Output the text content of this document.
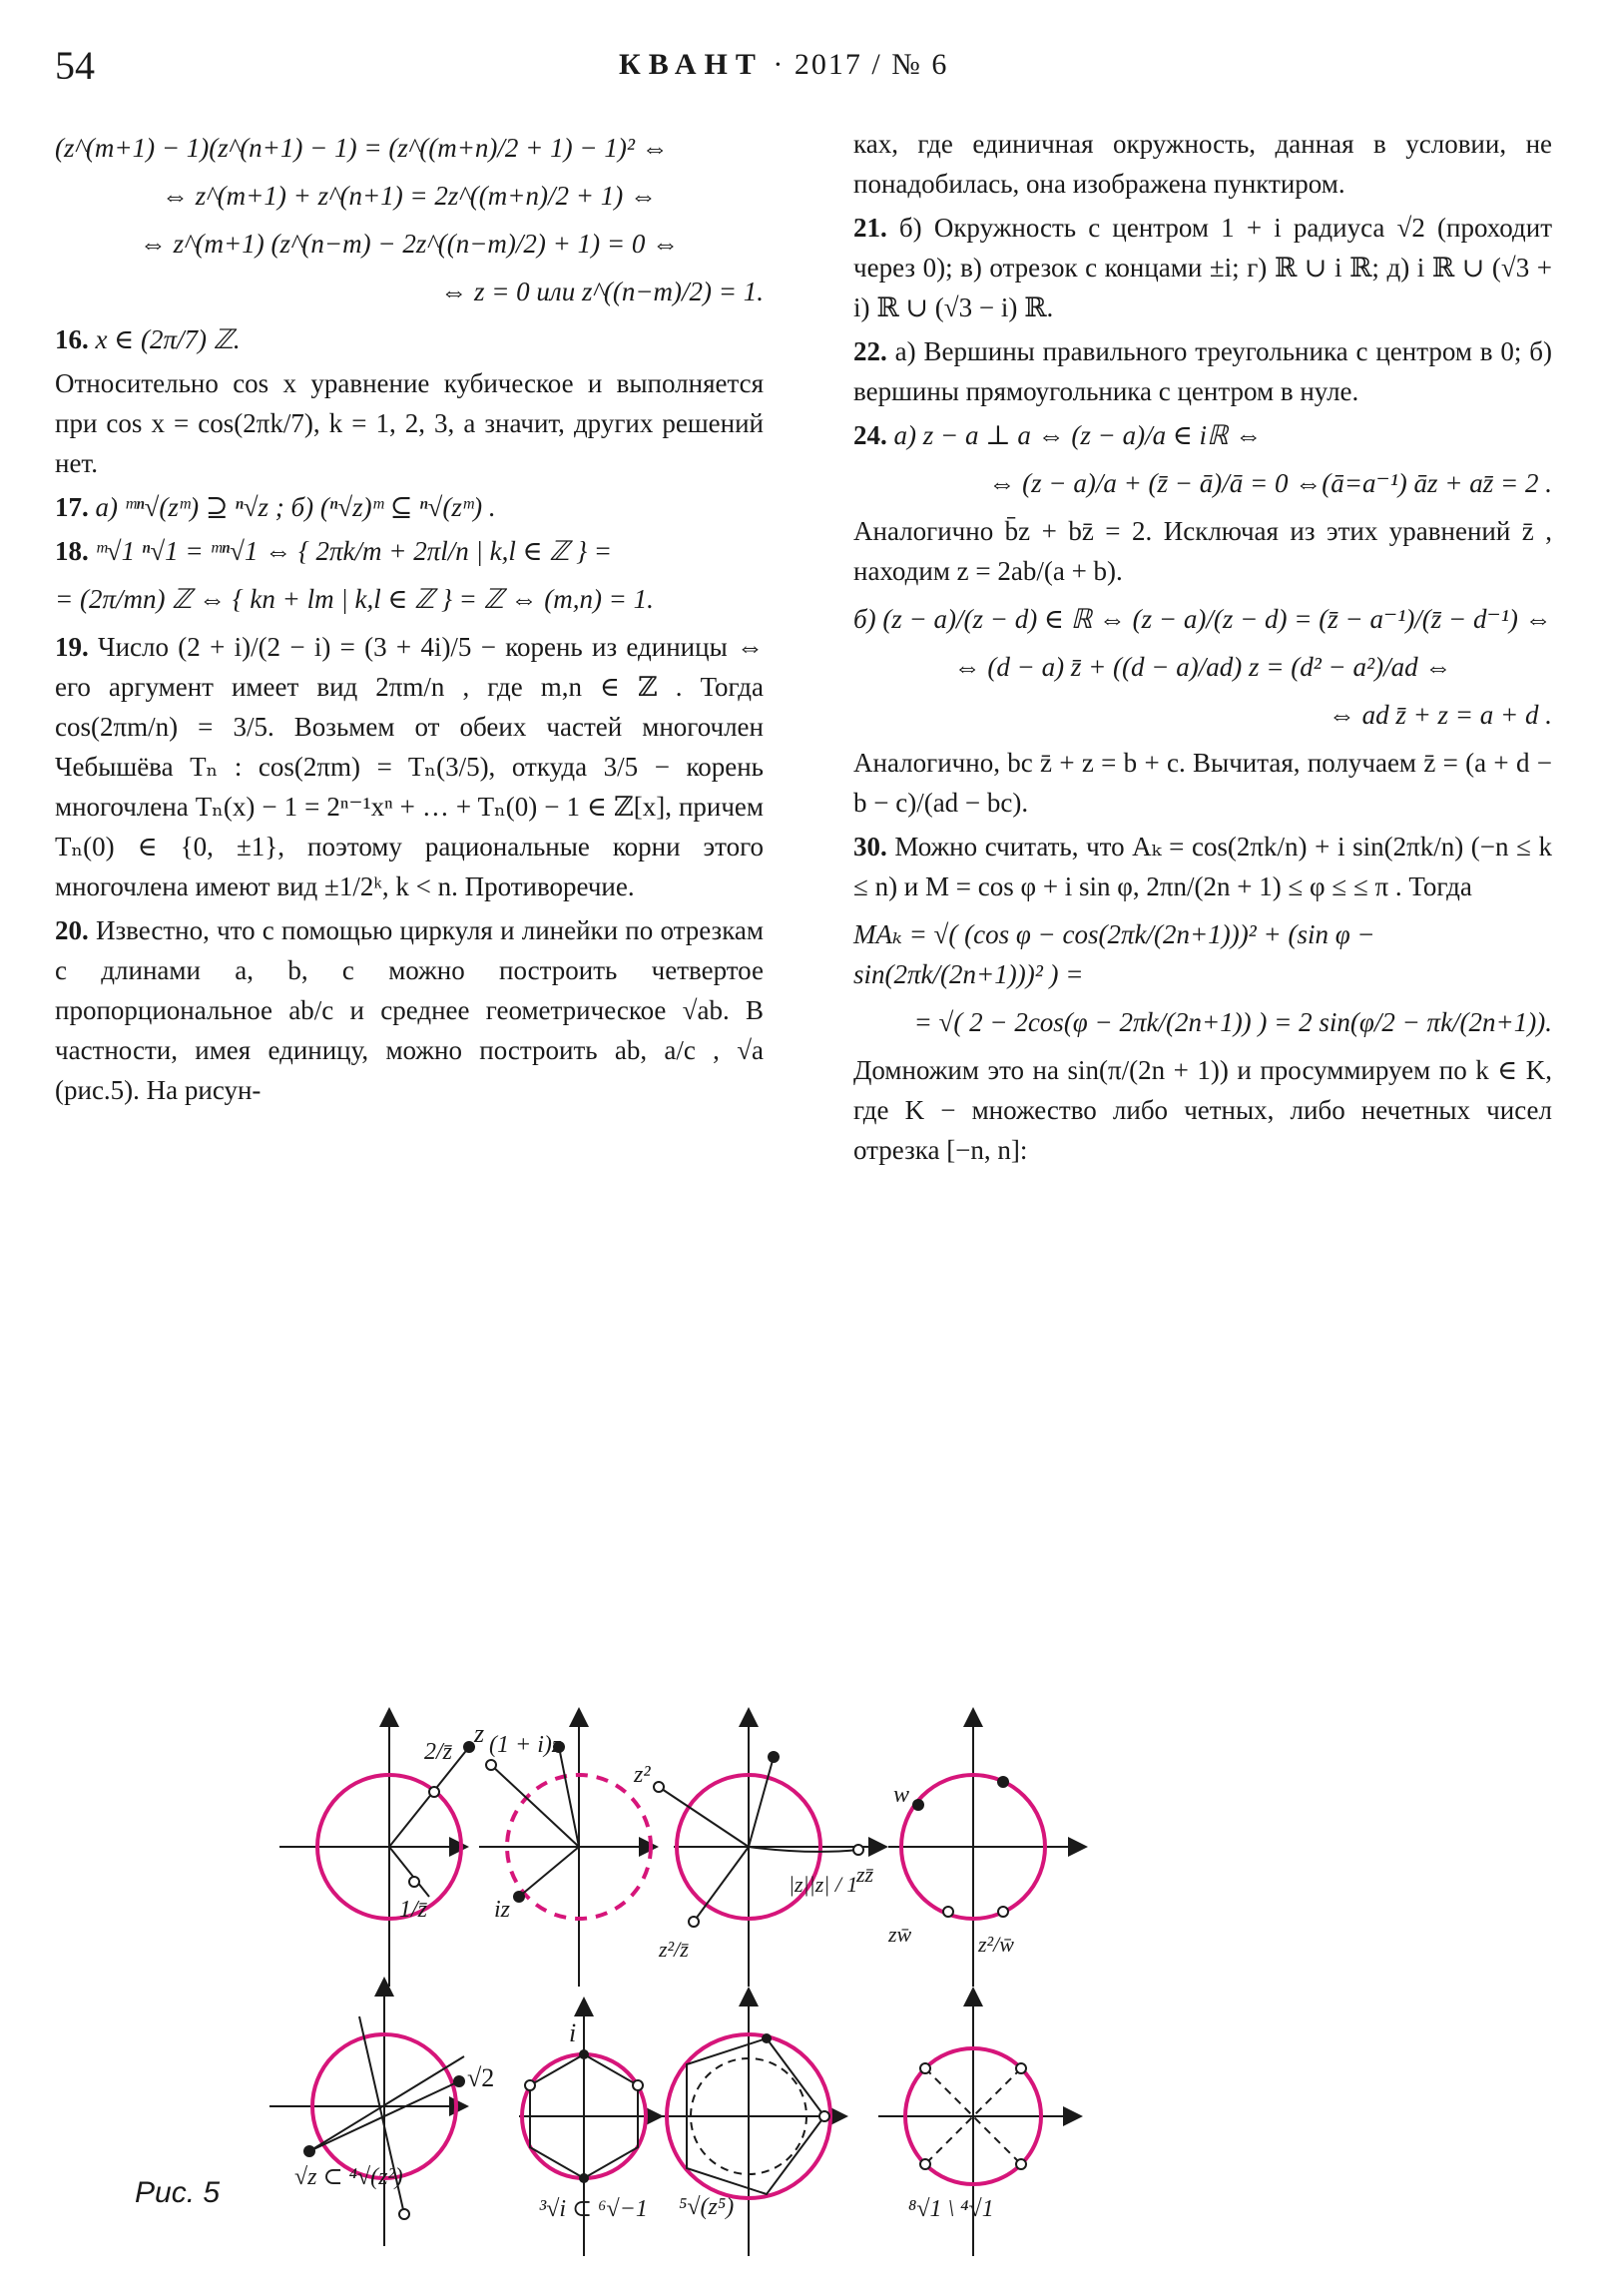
54	КВАНТ · 2017 / № 6
(z^(m+1) − 1)(z^(n+1) − 1) = (z^((m+n)/2 + 1) − 1)² ⇔
⇔ z^(m+1) + z^(n+1) = 2z^((m+n)/2 + 1) ⇔
⇔ z^(m+1) (z^(n−m) − 2z^((n−m)/2) + 1) = 0 ⇔
⇔ z = 0 или z^((n−m)/2) = 1.
16. x ∈ (2π/7) ℤ.
Относительно cos x уравнение кубическое и выполняется при cos x = cos(2πk/7), k = 1, 2, 3, а значит, других решений нет.
17. а) ᵐⁿ√(zᵐ) ⊇ ⁿ√z ; б) (ⁿ√z)ᵐ ⊆ ⁿ√(zᵐ) .
18. ᵐ√1 ⁿ√1 = ᵐⁿ√1 ⇔ { 2πk/m + 2πl/n | k,l ∈ ℤ } =
= (2π/mn) ℤ ⇔ { kn + lm | k,l ∈ ℤ } = ℤ ⇔ (m,n) = 1.
19. Число (2 + i)/(2 − i) = (3 + 4i)/5 − корень из единицы ⇔ его аргумент имеет вид 2πm/n , где m,n ∈ ℤ . Тогда cos(2πm/n) = 3/5. Возьмем от обеих частей многочлен Чебышёва Tₙ : cos(2πm) = Tₙ(3/5), откуда 3/5 − корень многочлена Tₙ(x) − 1 = 2ⁿ⁻¹xⁿ + … + Tₙ(0) − 1 ∈ ℤ[x], причем Tₙ(0) ∈ {0, ±1}, поэтому рациональные корни этого многочлена имеют вид ±1/2ᵏ, k < n. Противоречие.
20. Известно, что с помощью циркуля и линейки по отрезкам с длинами a, b, c можно построить четвертое пропорциональное ab/c и среднее геометрическое √ab. В частности, имея единицу, можно построить ab, a/c , √a (рис.5). На рисун-
ках, где единичная окружность, данная в условии, не понадобилась, она изображена пунктиром.
21. б) Окружность с центром 1 + i радиуса √2 (проходит через 0); в) отрезок с концами ±i; г) ℝ ∪ i ℝ; д) i ℝ ∪ (√3 + i) ℝ ∪ (√3 − i) ℝ.
22. а) Вершины правильного треугольника с центром в 0; б) вершины прямоугольника с центром в нуле.
24. а) z − a ⊥ a ⇔ (z − a)/a ∈ iℝ ⇔
⇔ (z − a)/a + (z̄ − ā)/ā = 0 ⇔(ā=a⁻¹) āz + az̄ = 2 .
Аналогично b̄z + bz̄ = 2. Исключая из этих уравнений z̄ , находим z = 2ab/(a + b).
б) (z − a)/(z − d) ∈ ℝ ⇔ (z − a)/(z − d) = (z̄ − a⁻¹)/(z̄ − d⁻¹) ⇔
⇔ (d − a) z̄ + ((d − a)/ad) z = (d² − a²)/ad ⇔
⇔ ad z̄ + z = a + d .
Аналогично, bc z̄ + z = b + c. Вычитая, получаем z̄ = (a + d − b − c)/(ad − bc).
30. Можно считать, что Aₖ = cos(2πk/n) + i sin(2πk/n) (−n ≤ k ≤ n) и M = cos φ + i sin φ, 2πn/(2n + 1) ≤ φ ≤ ≤ π . Тогда
MAₖ = √( (cos φ − cos(2πk/(2n+1)))² + (sin φ − sin(2πk/(2n+1)))² ) =
= √( 2 − 2cos(φ − 2πk/(2n+1)) ) = 2 sin(φ/2 − πk/(2n+1)).
Домножим это на sin(π/(2n + 1)) и просуммируем по k ∈ K, где K − множество либо четных, либо нечетных чисел отрезка [−n, n]:
z
2/z̄
1/z̄
(1 + i)z
iz
z²
z²/z̄
|z||z| / 1
zz̄
w
zw̄	z²/w̄
√2
i
√z ⊂ ⁴√(z²)
³√i ⊂ ⁶√−1 ⁵√(z⁵)	⁸√1 \ ⁴√1
Рис. 5
